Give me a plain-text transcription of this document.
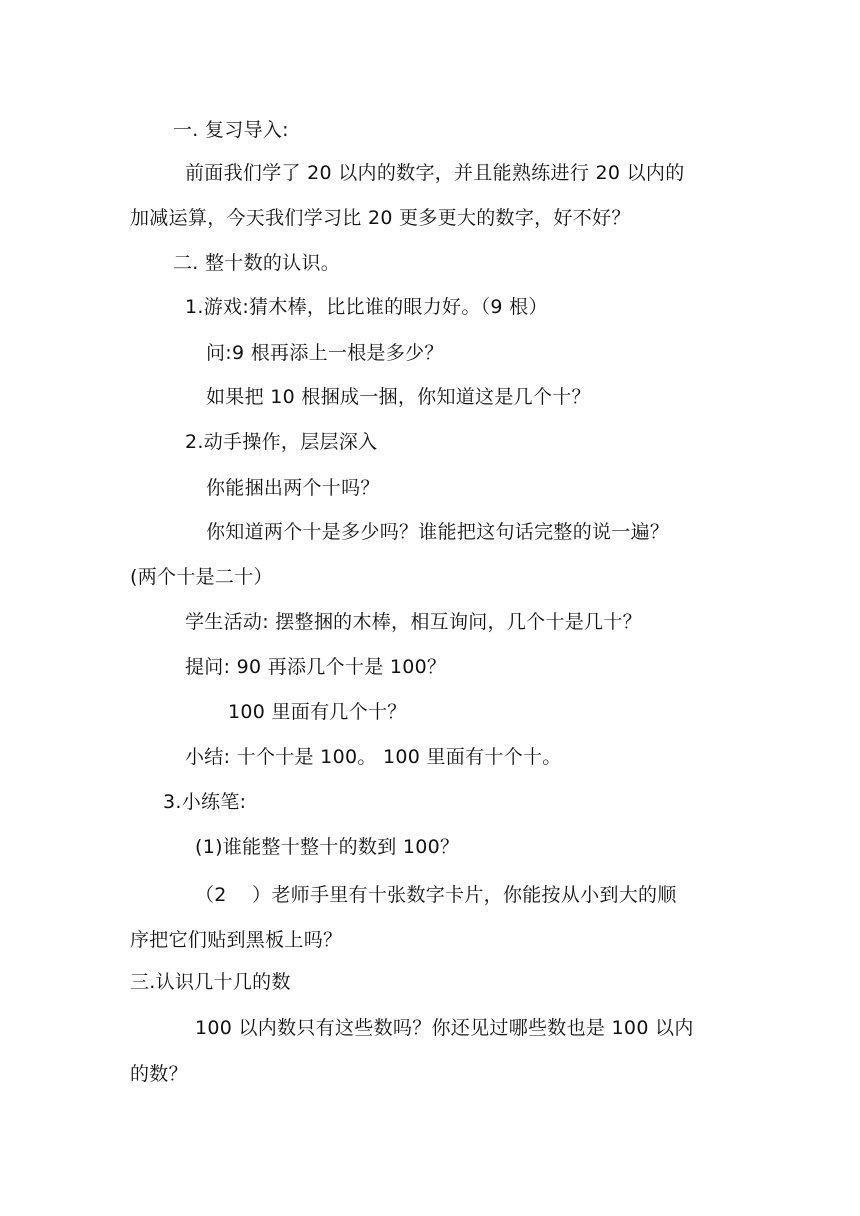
一. 复习导入:
前面我们学了 20 以内的数字，并且能熟练进行 20 以内的
加减运算，今天我们学习比 20 更多更大的数字，好不好？
二. 整十数的认识。
1.游戏:猜木棒，比比谁的眼力好。（9 根）
问:9 根再添上一根是多少？
如果把 10 根捆成一捆，你知道这是几个十？
2.动手操作，层层深入
你能捆出两个十吗？
你知道两个十是多少吗？谁能把这句话完整的说一遍？
(两个十是二十）
学生活动: 摆整捆的木棒，相互询问，几个十是几十？
提问: 90 再添几个十是 100？
100 里面有几个十？
小结: 十个十是 100。 100 里面有十个十。
3.小练笔:
(1)谁能整十整十的数到 100？
（2    ）老师手里有十张数字卡片，你能按从小到大的顺
序把它们贴到黑板上吗？
三.认识几十几的数
100 以内数只有这些数吗？你还见过哪些数也是 100 以内
的数？
